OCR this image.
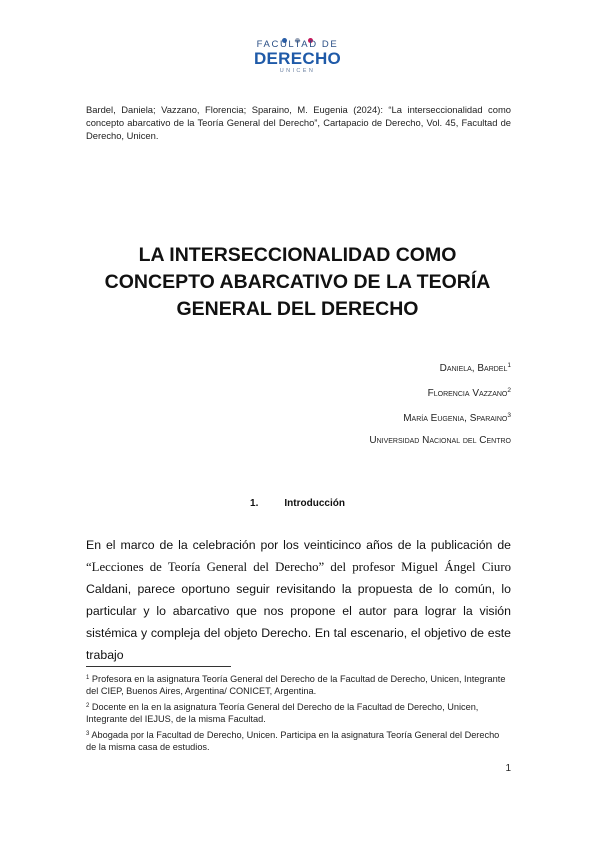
FACULTAD DE
DERECHO
UNICEN
Bardel, Daniela; Vazzano, Florencia; Sparaino, M. Eugenia (2024): “La interseccionalidad como concepto abarcativo de la Teoría General del Derecho”, Cartapacio de Derecho, Vol. 45, Facultad de Derecho, Unicen.
LA INTERSECCIONALIDAD COMO
CONCEPTO ABARCATIVO DE LA TEORÍA
GENERAL DEL DERECHO
Daniela, Bardel$^1$
Florencia Vazzano$^2$
María Eugenia, Sparaino$^3$
Universidad Nacional del Centro
1.	Introducción
En el marco de la celebración por los veinticinco años de la publicación de “Lecciones de Teoría General del Derecho” del profesor Miguel Ángel Ciuro Caldani, parece oportuno seguir revisitando la propuesta de lo común, lo particular y lo abarcativo que nos propone el autor para lograr la visión sistémica y compleja del objeto Derecho. En tal escenario, el objetivo de este trabajo

$^1$ Profesora en la asignatura Teoría General del Derecho de la Facultad de Derecho, Unicen, Integrante del CIEP, Buenos Aires, Argentina/ CONICET, Argentina.

$^2$ Docente en la en la asignatura Teoría General del Derecho de la Facultad de Derecho, Unicen, Integrante del IEJUS, de la misma Facultad.

$^3$ Abogada por la Facultad de Derecho, Unicen. Participa en la asignatura Teoría General del Derecho de la misma casa de estudios.

1
